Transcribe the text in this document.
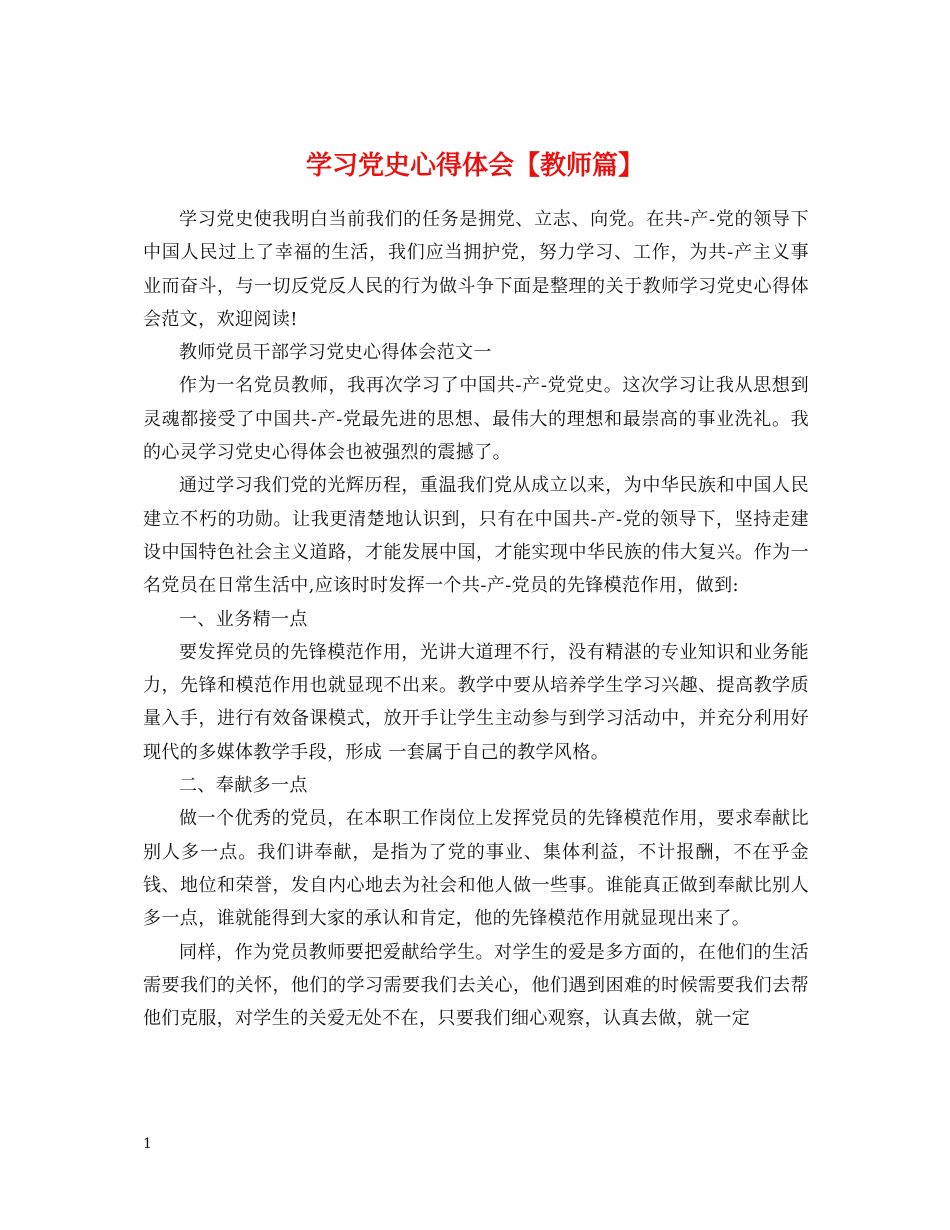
学习党史心得体会【教师篇】

学习党史使我明白当前我们的任务是拥党、立志、向党。在共-产-党的领导下中国人民过上了幸福的生活，我们应当拥护党，努力学习、工作，为共-产主义事业而奋斗，与一切反党反人民的行为做斗争下面是整理的关于教师学习党史心得体会范文，欢迎阅读!

教师党员干部学习党史心得体会范文一

作为一名党员教师，我再次学习了中国共-产-党党史。这次学习让我从思想到灵魂都接受了中国共-产-党最先进的思想、最伟大的理想和最崇高的事业洗礼。我的心灵学习党史心得体会也被强烈的震撼了。

通过学习我们党的光辉历程，重温我们党从成立以来，为中华民族和中国人民建立不朽的功勋。让我更清楚地认识到，只有在中国共-产-党的领导下，坚持走建设中国特色社会主义道路，才能发展中国，才能实现中华民族的伟大复兴。作为一名党员在日常生活中,应该时时发挥一个共-产-党员的先锋模范作用，做到:

一、业务精一点

要发挥党员的先锋模范作用，光讲大道理不行，没有精湛的专业知识和业务能力，先锋和模范作用也就显现不出来。教学中要从培养学生学习兴趣、提高教学质量入手，进行有效备课模式，放开手让学生主动参与到学习活动中，并充分利用好现代的多媒体教学手段，形成 一套属于自己的教学风格。

二、奉献多一点

做一个优秀的党员，在本职工作岗位上发挥党员的先锋模范作用，要求奉献比别人多一点。我们讲奉献，是指为了党的事业、集体利益，不计报酬，不在乎金钱、地位和荣誉，发自内心地去为社会和他人做一些事。谁能真正做到奉献比别人多一点，谁就能得到大家的承认和肯定，他的先锋模范作用就显现出来了。

同样，作为党员教师要把爱献给学生。对学生的爱是多方面的，在他们的生活需要我们的关怀，他们的学习需要我们去关心，他们遇到困难的时候需要我们去帮他们克服，对学生的关爱无处不在，只要我们细心观察，认真去做，就一定

1
